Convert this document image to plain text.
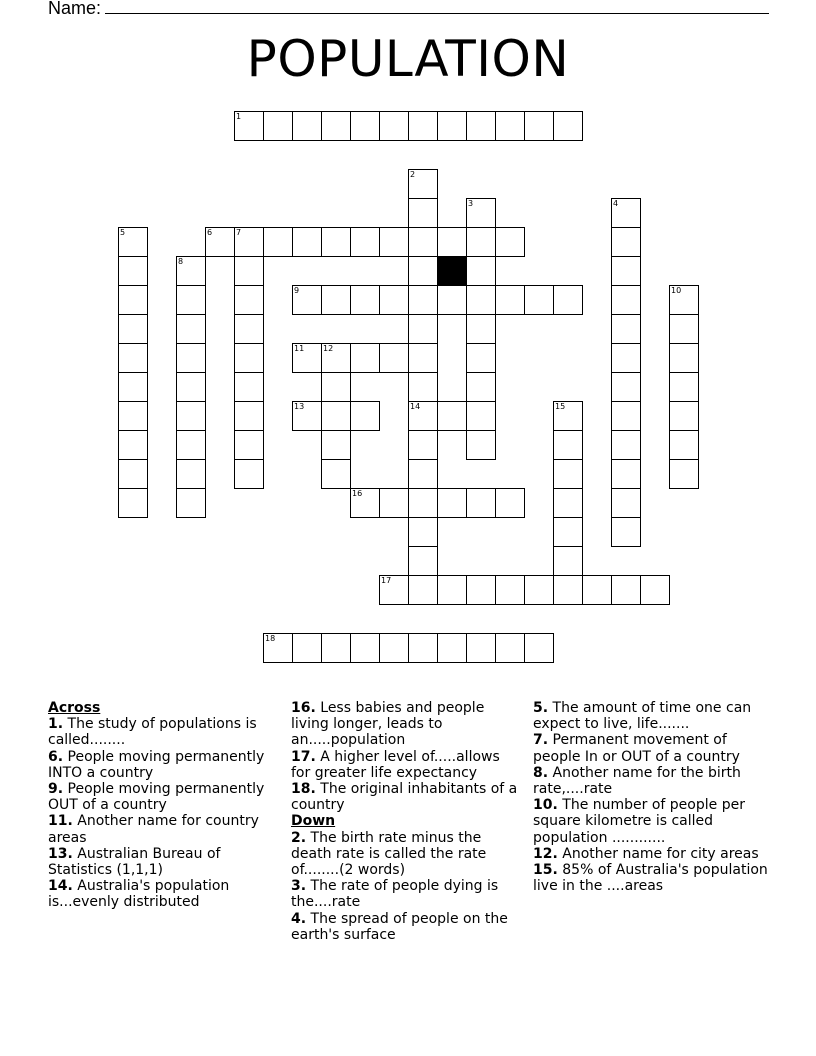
Name:
POPULATION
1
6	7
9
11 12
13	14
16
17
18
2
3	4
5
8
10
15
Across
1. The study of populations is called........
6. People moving permanently INTO a country
9. People moving permanently OUT of a country
11. Another name for country areas
13. Australian Bureau of Statistics (1,1,1)
14. Australia's population is...evenly distributed
16. Less babies and people living longer, leads to an.....population
17. A higher level of.....allows for greater life expectancy
18. The original inhabitants of a country
Down
2. The birth rate minus the death rate is called the rate of........(2 words)
3. The rate of people dying is the....rate
4. The spread of people on the earth's surface
5. The amount of time one can expect to live, life.......
7. Permanent movement of people In or OUT of a country
8. Another name for the birth rate,....rate
10. The number of people per square kilometre is called population ............
12. Another name for city areas
15. 85% of Australia's population live in the ....areas
